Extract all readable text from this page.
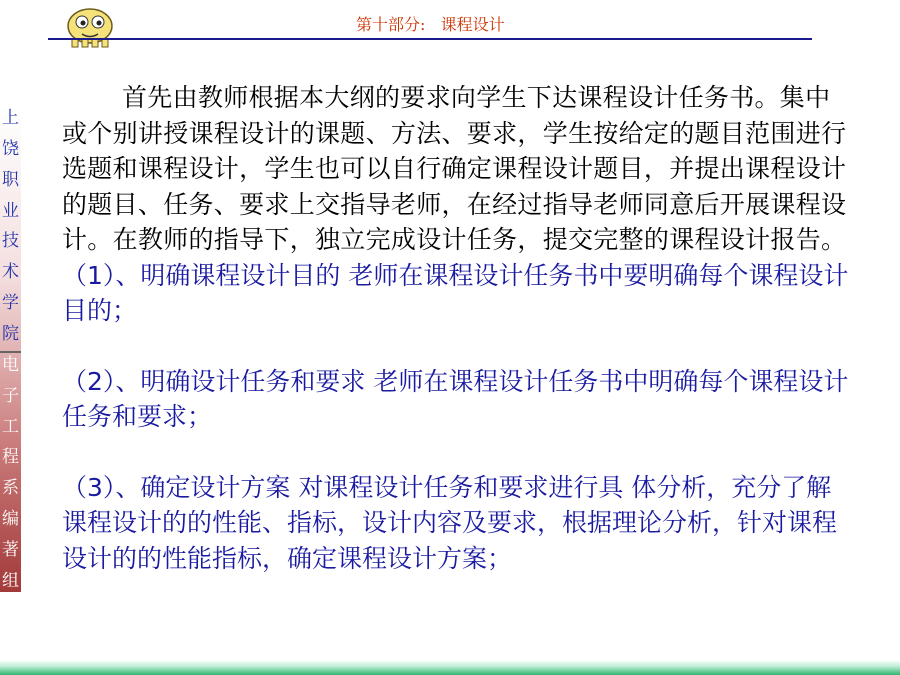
第十部分:   课程设计
上
饶
职
业
技
术
学
院
电
子
工
程
系
编
著
组

首先由教师根据本大纲的要求向学生下达课程设计任务书。集中或个别讲授课程设计的课题、方法、要求，学生按给定的题目范围进行选题和课程设计，学生也可以自行确定课程设计题目，并提出课程设计的题目、任务、要求上交指导老师，在经过指导老师同意后开展课程设计。在教师的指导下，独立完成设计任务，提交完整的课程设计报告。

（1）、明确课程设计目的 老师在课程设计任务书中要明确每个课程设计目的；

（2）、明确设计任务和要求 老师在课程设计任务书中明确每个课程设计任务和要求；

（3）、确定设计方案 对课程设计任务和要求进行具 体分析，充分了解课程设计的的性能、指标，设计内容及要求，根据理论分析，针对课程设计的的性能指标，确定课程设计方案；
